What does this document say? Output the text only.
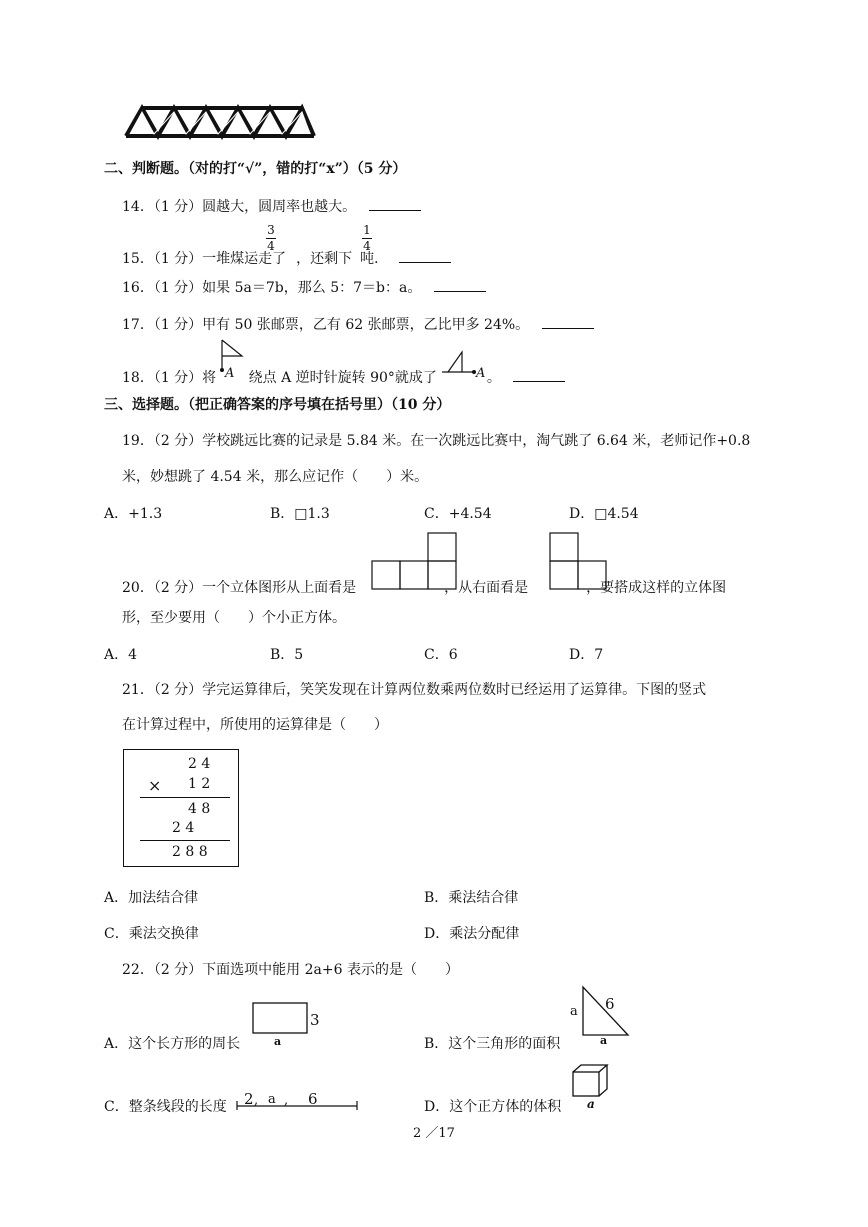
二、判断题。（对的打“√”，错的打“x”）（5 分）
14．（1 分）圆越大，圆周率也越大。
15．（1 分）一堆煤运走了 ，还剩下 吨．
3
4
1
4
16．（1 分）如果 5a＝7b，那么 5：7＝b：a。
17．（1 分）甲有 50 张邮票，乙有 62 张邮票，乙比甲多 24%。
18．（1 分）将 绕点 A 逆时针旋转 90°就成了	。
A	A
三、选择题。（把正确答案的序号填在括号里）（10 分）
19．（2 分）学校跳远比赛的记录是 5.84 米。在一次跳远比赛中，淘气跳了 6.64 米，老师记作+0.8
米，妙想跳了 4.54 米，那么应记作（　　）米。
A．+1.3	B．□1.3	C．+4.54	D．□4.54
20．（2 分）一个立体图形从上面看是	，从右面看是	，要搭成这样的立体图
形，至少要用（　　）个小正方体。
A．4	B．5	C．6	D．7
21．（2 分）学完运算律后，笑笑发现在计算两位数乘两位数时已经运用了运算律。下图的竖式
在计算过程中，所使用的运算律是（　　）
2 4
× 1 2
4 8
2 4
2 8 8
A．加法结合律	B．乘法结合律
C．乘法交换律	D．乘法分配律
22．（2 分）下面选项中能用 2a+6 表示的是（　　）
A．这个长方形的周长
3
a	B．这个三角形的面积
a 6
a
C．整条线段的长度 2 , a , 6	D．这个正方体的体积 a
2 ／17
